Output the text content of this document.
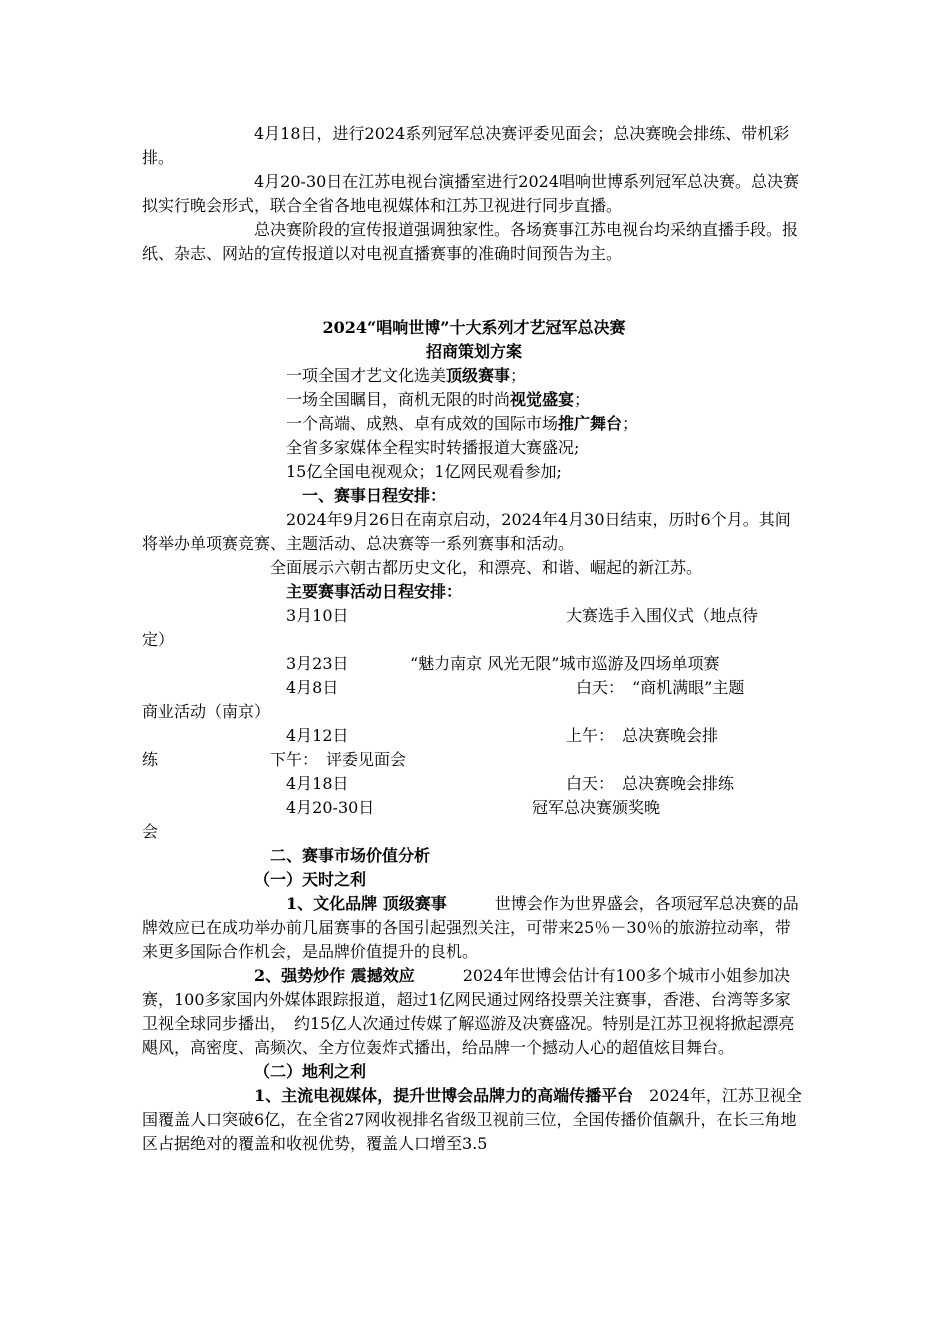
4月18日，进行2024系列冠军总决赛评委见面会；总决赛晚会排练、带机彩排。

4月20-30日在江苏电视台演播室进行2024唱响世博系列冠军总决赛。总决赛拟实行晚会形式，联合全省各地电视媒体和江苏卫视进行同步直播。

总决赛阶段的宣传报道强调独家性。各场赛事江苏电视台均采纳直播手段。报纸、杂志、网站的宣传报道以对电视直播赛事的准确时间预告为主。

2024“唱响世博”十大系列才艺冠军总决赛

招商策划方案

一项全国才艺文化选美顶级赛事；

一场全国瞩目，商机无限的时尚视觉盛宴；

一个高端、成熟、卓有成效的国际市场推广舞台；

全省多家媒体全程实时转播报道大赛盛况;

15亿全国电视观众；1亿网民观看参加;

一、赛事日程安排：

2024年9月26日在南京启动，2024年4月30日结束，历时6个月。其间将举办单项赛竞赛、主题活动、总决赛等一系列赛事和活动。

全面展示六朝古都历史文化，和漂亮、和谐、崛起的新江苏。

主要赛事活动日程安排：

3月10日	大赛选手入围仪式（地点待

定）

3月23日	“魅力南京 风光无限”城市巡游及四场单项赛
4月8日	白天：　“商机满眼”主题

商业活动（南京）

4月12日	上午：　总决赛晚会排

练　　　　　　　下午：　评委见面会

4月18日	白天：　总决赛晚会排练
4月20-30日	冠军总决赛颁奖晚

会

二、赛事市场价值分析

（一）天时之利

1、文化品牌 顶级赛事　　　世博会作为世界盛会，各项冠军总决赛的品牌效应已在成功举办前几届赛事的各国引起强烈关注，可带来25％－30％的旅游拉动率，带来更多国际合作机会，是品牌价值提升的良机。

2、强势炒作 震撼效应　　　2024年世博会估计有100多个城市小姐参加决赛，100多家国内外媒体跟踪报道，超过1亿网民通过网络投票关注赛事，香港、台湾等多家卫视全球同步播出，　约15亿人次通过传媒了解巡游及决赛盛况。特别是江苏卫视将掀起漂亮飓风，高密度、高频次、全方位轰炸式播出，给品牌一个撼动人心的超值炫目舞台。

（二）地利之利

1、主流电视媒体，提升世博会品牌力的高端传播平台　2024年，江苏卫视全国覆盖人口突破6亿，在全省27网收视排名省级卫视前三位，全国传播价值飙升，在长三角地区占据绝对的覆盖和收视优势，覆盖人口增至3.5
